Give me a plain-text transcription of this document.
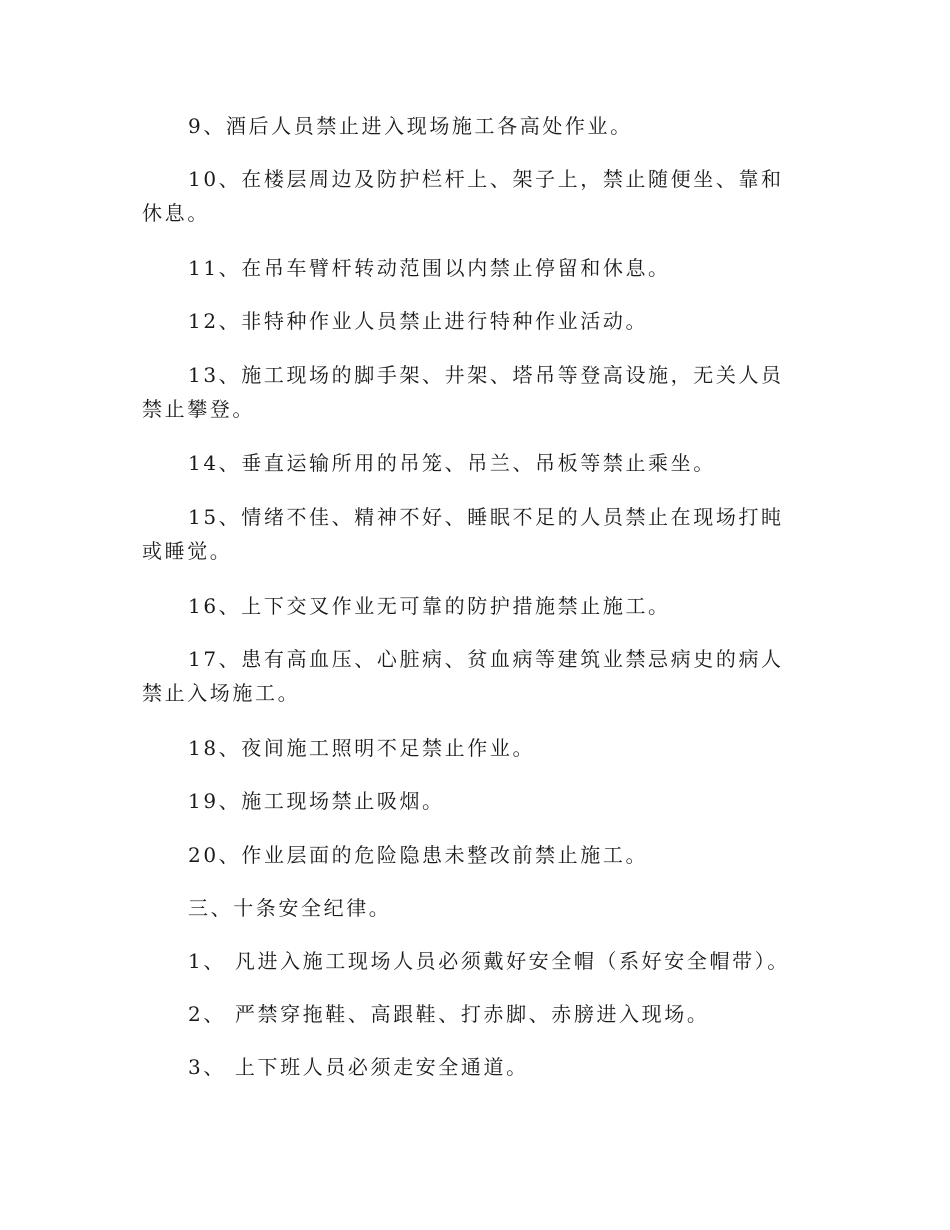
9、酒后人员禁止进入现场施工各高处作业。

10、在楼层周边及防护栏杆上、架子上，禁止随便坐、靠和休息。

11、在吊车臂杆转动范围以内禁止停留和休息。

12、非特种作业人员禁止进行特种作业活动。

13、施工现场的脚手架、井架、塔吊等登高设施，无关人员禁止攀登。

14、垂直运输所用的吊笼、吊兰、吊板等禁止乘坐。

15、情绪不佳、精神不好、睡眠不足的人员禁止在现场打盹或睡觉。

16、上下交叉作业无可靠的防护措施禁止施工。

17、患有高血压、心脏病、贫血病等建筑业禁忌病史的病人禁止入场施工。

18、夜间施工照明不足禁止作业。

19、施工现场禁止吸烟。

20、作业层面的危险隐患未整改前禁止施工。

三、十条安全纪律。

1、 凡进入施工现场人员必须戴好安全帽（系好安全帽带）。

2、 严禁穿拖鞋、高跟鞋、打赤脚、赤膀进入现场。

3、 上下班人员必须走安全通道。
